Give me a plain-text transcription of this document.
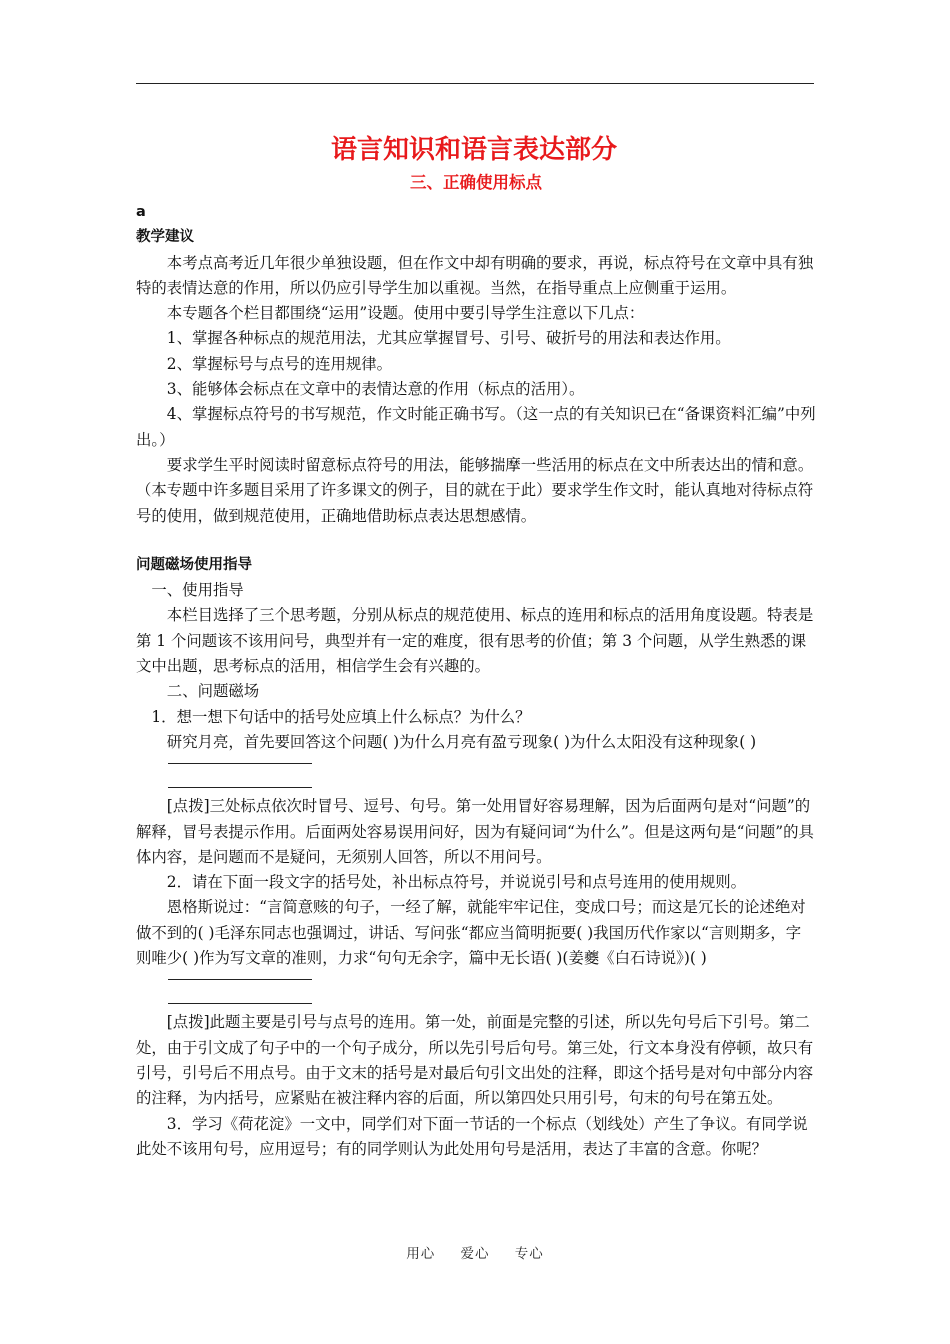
语言知识和语言表达部分
三、正确使用标点
a
教学建议

本考点高考近几年很少单独设题，但在作文中却有明确的要求，再说，标点符号在文章中具有独特的表情达意的作用，所以仍应引导学生加以重视。当然，在指导重点上应侧重于运用。

本专题各个栏目都围绕“运用”设题。使用中要引导学生注意以下几点：

1、掌握各种标点的规范用法，尤其应掌握冒号、引号、破折号的用法和表达作用。

2、掌握标号与点号的连用规律。

3、能够体会标点在文章中的表情达意的作用（标点的活用）。

4、掌握标点符号的书写规范，作文时能正确书写。（这一点的有关知识已在“备课资料汇编”中列出。）

要求学生平时阅读时留意标点符号的用法，能够揣摩一些活用的标点在文中所表达出的情和意。（本专题中许多题目采用了许多课文的例子，目的就在于此）要求学生作文时，能认真地对待标点符号的使用，做到规范使用，正确地借助标点表达思想感情。

问题磁场使用指导

一、使用指导

本栏目选择了三个思考题，分别从标点的规范使用、标点的连用和标点的活用角度设题。特表是第 1 个问题该不该用问号，典型并有一定的难度，很有思考的价值；第 3 个问题，从学生熟悉的课文中出题，思考标点的活用，相信学生会有兴趣的。

二、问题磁场

1．想一想下句话中的括号处应填上什么标点？为什么？

研究月亮，首先要回答这个问题( )为什么月亮有盈亏现象( )为什么太阳没有这种现象( )

[点拨]三处标点依次时冒号、逗号、句号。第一处用冒好容易理解，因为后面两句是对“问题”的解释，冒号表提示作用。后面两处容易误用问好，因为有疑问词“为什么”。但是这两句是“问题”的具体内容，是问题而不是疑问，无须别人回答，所以不用问号。

2．请在下面一段文字的括号处，补出标点符号，并说说引号和点号连用的使用规则。

恩格斯说过：“言简意赅的句子，一经了解，就能牢牢记住，变成口号；而这是冗长的论述绝对做不到的( )毛泽东同志也强调过，讲话、写问张“都应当简明扼要( )我国历代作家以“言则期多，字则唯少( )作为写文章的准则，力求“句句无余字，篇中无长语( )(姜夔《白石诗说》)( )

[点拨]此题主要是引号与点号的连用。第一处，前面是完整的引述，所以先句号后下引号。第二处，由于引文成了句子中的一个句子成分，所以先引号后句号。第三处，行文本身没有停顿，故只有引号，引号后不用点号。由于文末的括号是对最后句引文出处的注释，即这个括号是对句中部分内容的注释，为内括号，应紧贴在被注释内容的后面，所以第四处只用引号，句末的句号在第五处。

3．学习《荷花淀》一文中，同学们对下面一节话的一个标点（划线处）产生了争议。有同学说此处不该用句号，应用逗号；有的同学则认为此处用句号是活用，表达了丰富的含意。你呢？

用心 爱心 专心
